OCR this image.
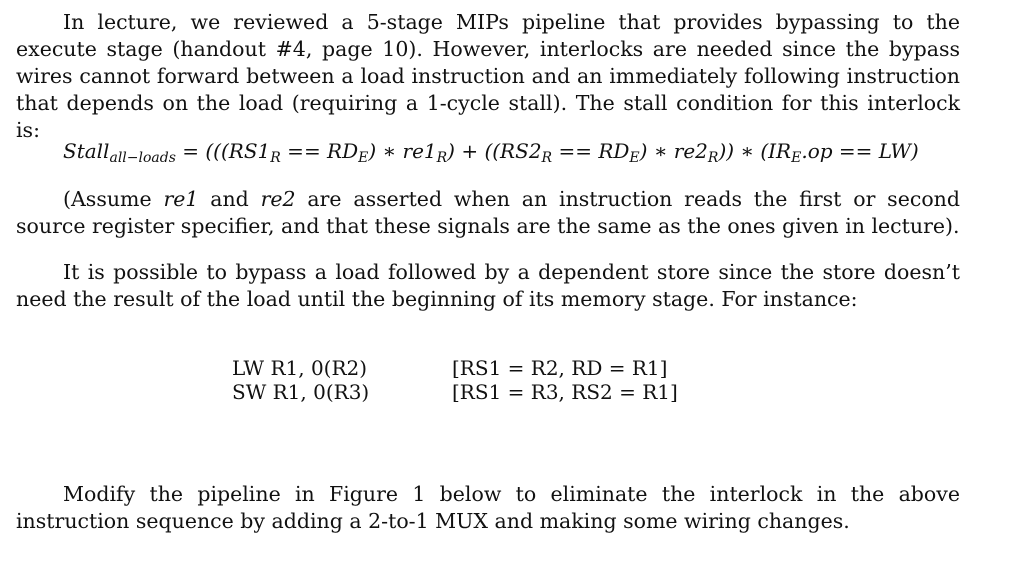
In lecture, we reviewed a 5-stage MIPs pipeline that provides bypassing to the execute stage (handout #4, page 10). However, interlocks are needed since the bypass wires cannot forward between a load instruction and an immediately following instruction that depends on the load (requiring a 1-cycle stall). The stall condition for this interlock is:
Stall$_{all-loads}$ = (($(RS1_R == RD_E)$ ∗ $re1_R) + ((RS2_R == RD_E)$ ∗ $re2_R$)) ∗ $(IR_E.op == LW)$
(Assume re1 and re2 are asserted when an instruction reads the first or second source register specifier, and that these signals are the same as the ones given in lecture).
It is possible to bypass a load followed by a dependent store since the store doesn’t need the result of the load until the beginning of its memory stage. For instance:
LW R1, 0(R2)
SW R1, 0(R3)
[RS1 = R2, RD = R1]
[RS1 = R3, RS2 = R1]
Modify the pipeline in Figure 1 below to eliminate the interlock in the above instruction sequence by adding a 2-to-1 MUX and making some wiring changes.
